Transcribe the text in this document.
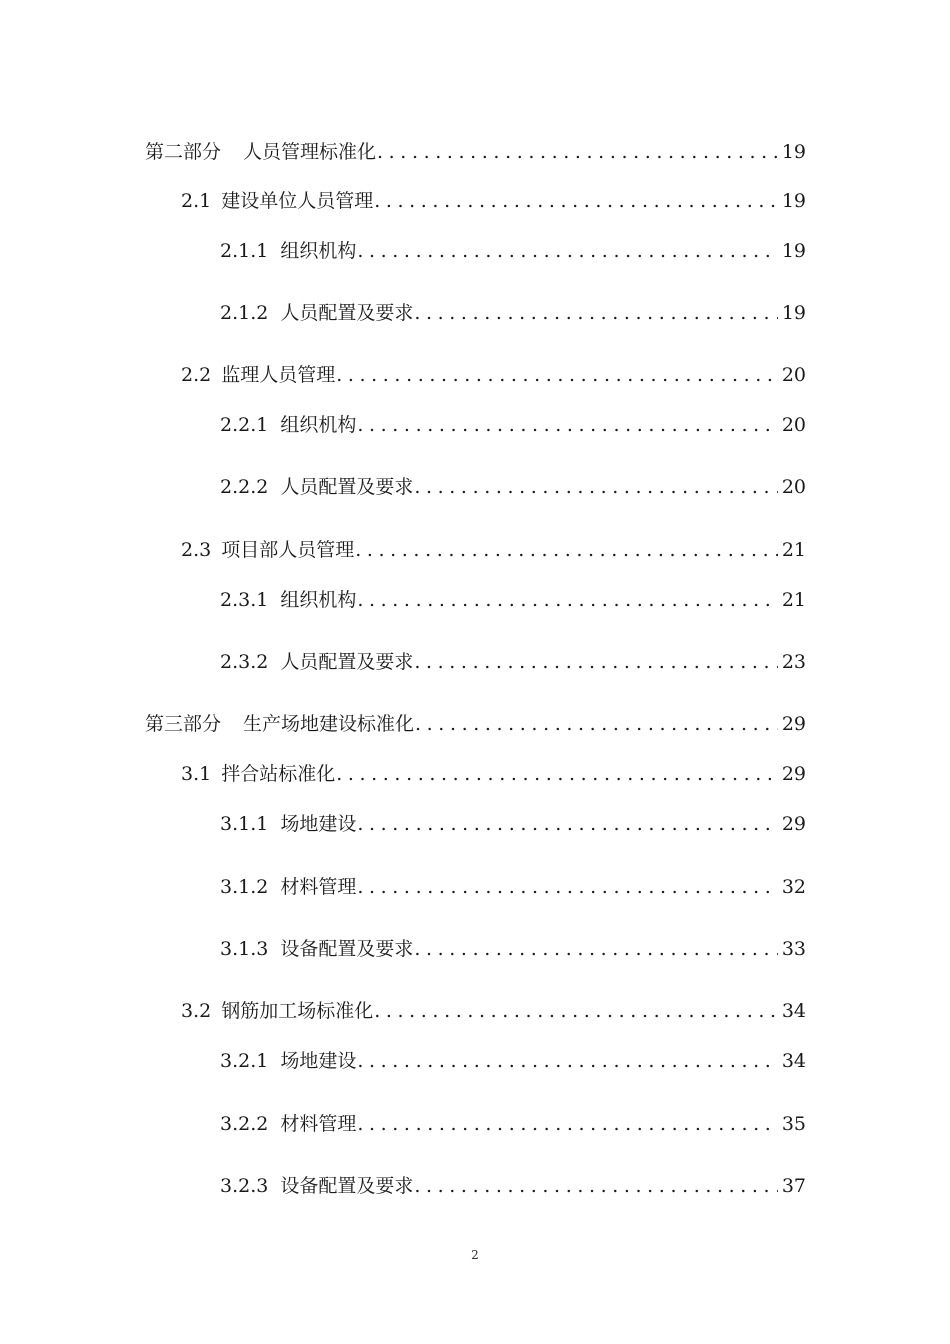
第二部分 人员管理标准化 .....	19
2.1 建设单位人员管理 .....	19
2.1.1 组织机构 .....	19
2.1.2 人员配置及要求 .....	19
2.2 监理人员管理 .....	20
2.2.1 组织机构 .....	20
2.2.2 人员配置及要求 .....	20
2.3 项目部人员管理 .....	21
2.3.1 组织机构 .....	21
2.3.2 人员配置及要求 .....	23
第三部分 生产场地建设标准化 .....	29
3.1 拌合站标准化 .....	29
3.1.1 场地建设 .....	29
3.1.2 材料管理 .....	32
3.1.3 设备配置及要求 .....	33
3.2 钢筋加工场标准化 .....	34
3.2.1 场地建设 .....	34
3.2.2 材料管理 .....	35
3.2.3 设备配置及要求 .....	37
2
